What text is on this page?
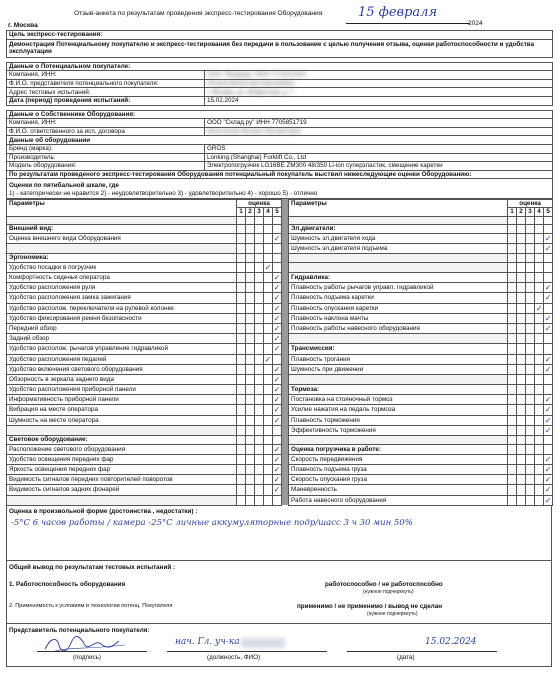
Отзыв-анкета по результатам проведения экспресс-тестирования Оборудования
г. Москва
15 февраля
2024
Цель экспресс-тестирования:	
Демонстрация Потенциальному покупателю и экспресс-тестирования без передачи в пользование с целью получения отзыва, оценки работоспособности и удобства эксплуатации	

Данные о Потенциальном покупателе:	
Компания, ИНН:	ООО "Медведь" ИНН 7712021620
Ф.И.О. представителя потенциального покупателя:	Петров Вячеслав Николаевич
Адрес тестовых испытаний:	г. Москва, ул. Фабричная, д. 7
Дата (период) проведения испытаний:	15.02.2024

Данные о Собственнике Оборудования:	
Компания, ИНН:	ООО "Склад.ру" ИНН 7705851719
Ф.И.О. ответственного за исп. договора	Мельников Михаил Михайлович
Данные об оборудовании	
Бренд (марка):	GROS
Производитель:	Lonking (Shanghai) Forklift Co., Ltd
Модель оборудования:	Электропогрузчик LG16BE ZM300 48/350 Li-ion суперзластик, смещение каретки
По результатам проведеного экспресс-тестирования Оборудования потенциальный покупатель выствил нижеследующие оценки Оборудованию:	
Оценки по пятибальной шкале, где	
1) - категорически не нравится 2) - неудовлетворительно 3) - удовлетворительно 4) - хорошо 5) - отлично	
Параметры	оценка						Параметры	оценка				
	1	2	3	4	5			1	2	3	4	5

Внешний вид:							Эл.двигатели:					
Оценка внешнего вида Оборудования					✓		Шумность эл.двигателя хода					✓
							Шумность эл.двигателя подъема					✓
Эргономика:												
Удобство посадки в погрузчик				✓								
Комфортность сиденья оператора					✓		Гидравлика:					
Удобство расположения руля					✓		Плавность работы рычагов управл. гидравликой					✓
Удобство расположения замка зажигания					✓		Плавность подъема каретки					✓
Удобство располож. переключателя на рулевой колонке					✓		Плавность опускания каретки				✓	
Удобство фиксирования ремня безопасности					✓		Плавность наклона мачты					✓
Передний обзор					✓		Плавность работы навесного оборудования					✓
Задний обзор					✓							
Удобство располож. рычагов управление гидравликой					✓		Трансмиссия:					
Удобство расположения педалей				✓			Плавность трогания					✓
Удобство включения светового оборудования					✓		Шумность при движении					✓
Обзорность в зеркала заднего вида					✓							
Удобство расположения приборной панели					✓		Тормоза:					
Информативность приборной панели					✓		Постановка на стояночный тормоз					✓
Вибрация на месте оператора					✓		Усилие нажатия на педаль тормоза					✓
Шумность на месте оператора					✓		Плавность торможения					✓
							Эффективность торможения					✓
Световое оборудование:												
Расположение светового оборудования					✓		Оценка погрузчика в работе:					
Удобство освещения передних фар					✓		Скорость передвижения					✓
Яркость освещения передних фар					✓		Плавность подъема груза					✓
Видимость сигналов передних повторителей поворотов					✓		Скорость опускания груза					✓
Видимость сигналов задних фонарей					✓		Маневренность					✓
							Работа навесного оборудования					✓
Оценка в произвольной форме (достоинства , недостатки) :
-5°С 6 часов работы / камера -25°С личные аккумуляторные подр/шасс 3 ч 30 мин 50%
Общий вывод по результатам тестовых испытаний :
1. Работоспособность оборудования	работоспособно / не работоспособно
(нужное подчеркнуть)
2. Применимость к условиям и технологии потенц. Покупателя	применимо / не применимо / вывод не сделан
(нужное подчеркнуть)
Представитель потенциального покупателя:
(подпись)
нач. Гл. уч-ка
(должность, ФИО)
15.02.2024
(дата)
